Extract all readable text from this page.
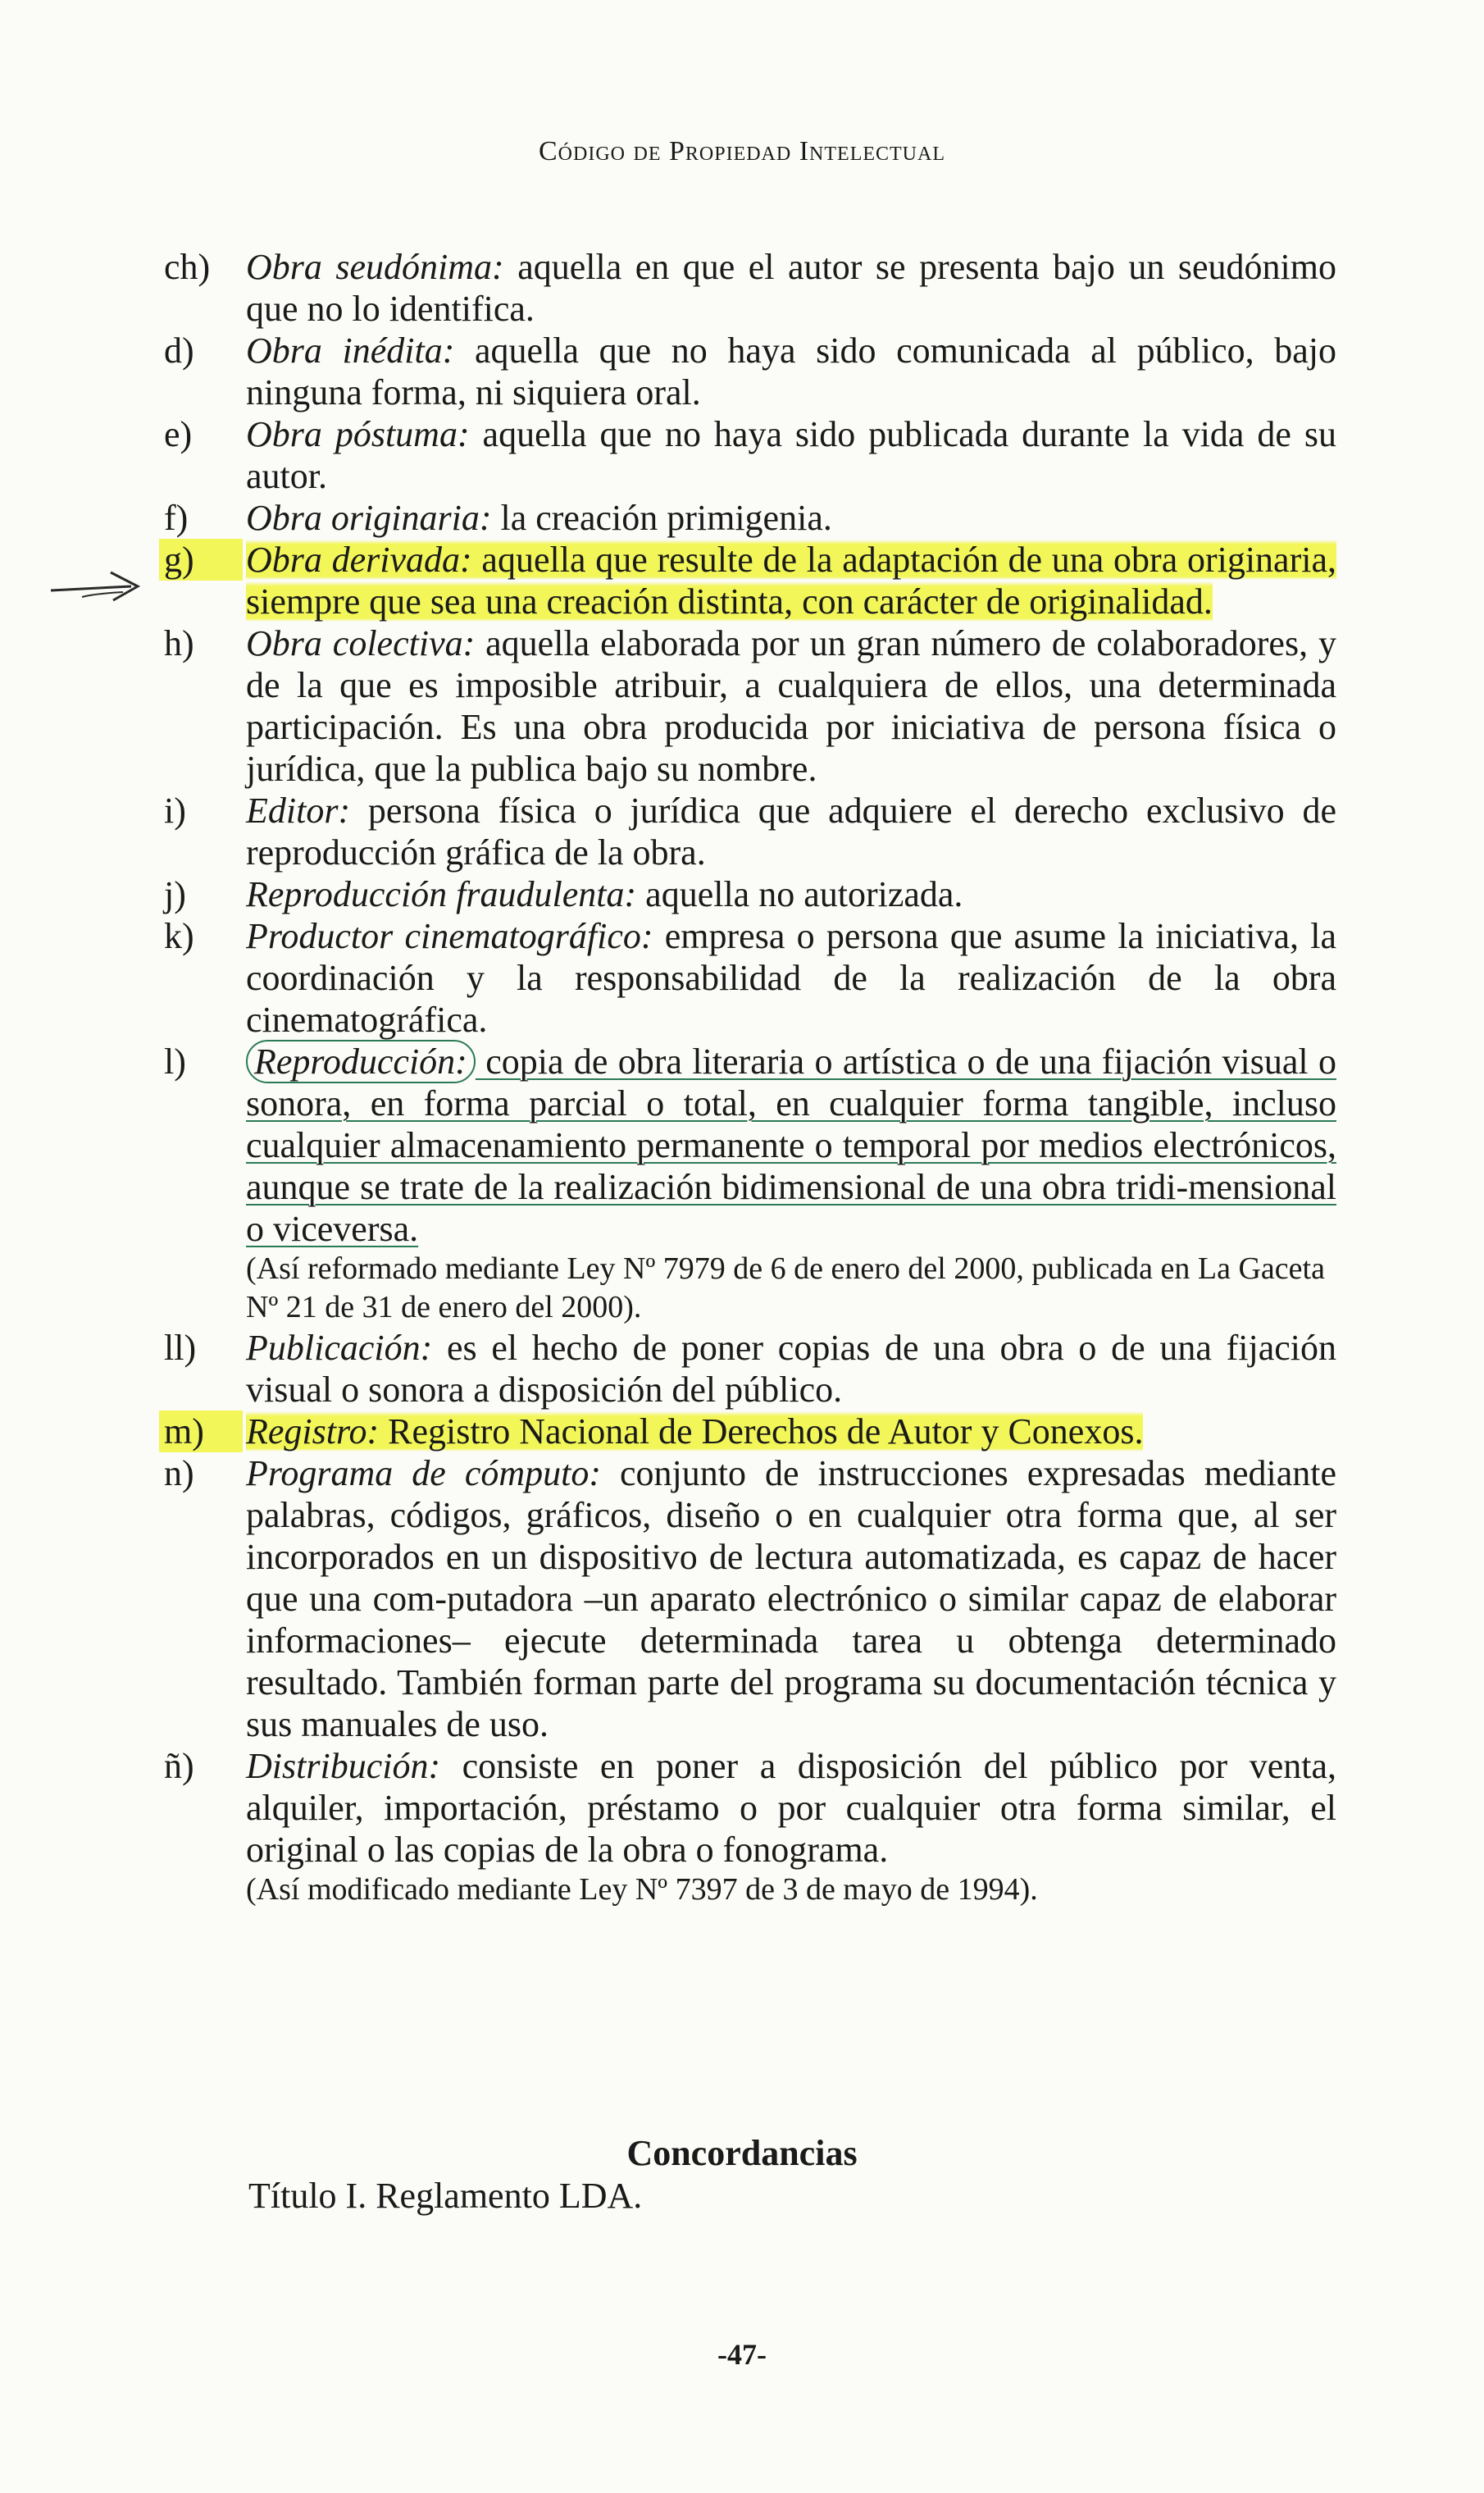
Código de Propiedad Intelectual
ch) Obra seudónima: aquella en que el autor se presenta bajo un seudónimo que no lo identifica.
d)	Obra inédita: aquella que no haya sido comunicada al público, bajo ninguna forma, ni siquiera oral.
e)	Obra póstuma: aquella que no haya sido publicada durante la vida de su autor.
f)	Obra originaria: la creación primigenia.
g)	Obra derivada: aquella que resulte de la adaptación de una obra originaria, siempre que sea una creación distinta, con carácter de originalidad.
h)	Obra colectiva: aquella elaborada por un gran número de colaboradores, y de la que es imposible atribuir, a cualquiera de ellos, una determinada participación. Es una obra producida por iniciativa de persona física o jurídica, que la publica bajo su nombre.
i)	Editor: persona física o jurídica que adquiere el derecho exclusivo de reproducción gráfica de la obra.
j)	Reproducción fraudulenta: aquella no autorizada.
k)	Productor cinematográfico: empresa o persona que asume la iniciativa, la coordinación y la responsabilidad de la realización de la obra cinematográfica.
l)	Reproducción: copia de obra literaria o artística o de una fijación visual o sonora, en forma parcial o total, en cualquier forma tangible, incluso cualquier almacenamiento permanente o temporal por medios electrónicos, aunque se trate de la realización bidimensional de una obra tridi-mensional o viceversa.
(Así reformado mediante Ley Nº 7979 de 6 de enero del 2000, publicada en La Gaceta Nº 21 de 31 de enero del 2000).
ll)	Publicación: es el hecho de poner copias de una obra o de una fijación visual o sonora a disposición del público.
m)	Registro: Registro Nacional de Derechos de Autor y Conexos.
n)	Programa de cómputo: conjunto de instrucciones expresadas mediante palabras, códigos, gráficos, diseño o en cualquier otra forma que, al ser incorporados en un dispositivo de lectura automatizada, es capaz de hacer que una com-putadora –un aparato electrónico o similar capaz de elaborar informaciones– ejecute determinada tarea u obtenga determinado resultado. También forman parte del programa su documentación técnica y sus manuales de uso.
ñ)	Distribución: consiste en poner a disposición del público por venta, alquiler, importación, préstamo o por cualquier otra forma similar, el original o las copias de la obra o fonograma.
(Así modificado mediante Ley Nº 7397 de 3 de mayo de 1994).
Concordancias
Título I. Reglamento LDA.
-47-
